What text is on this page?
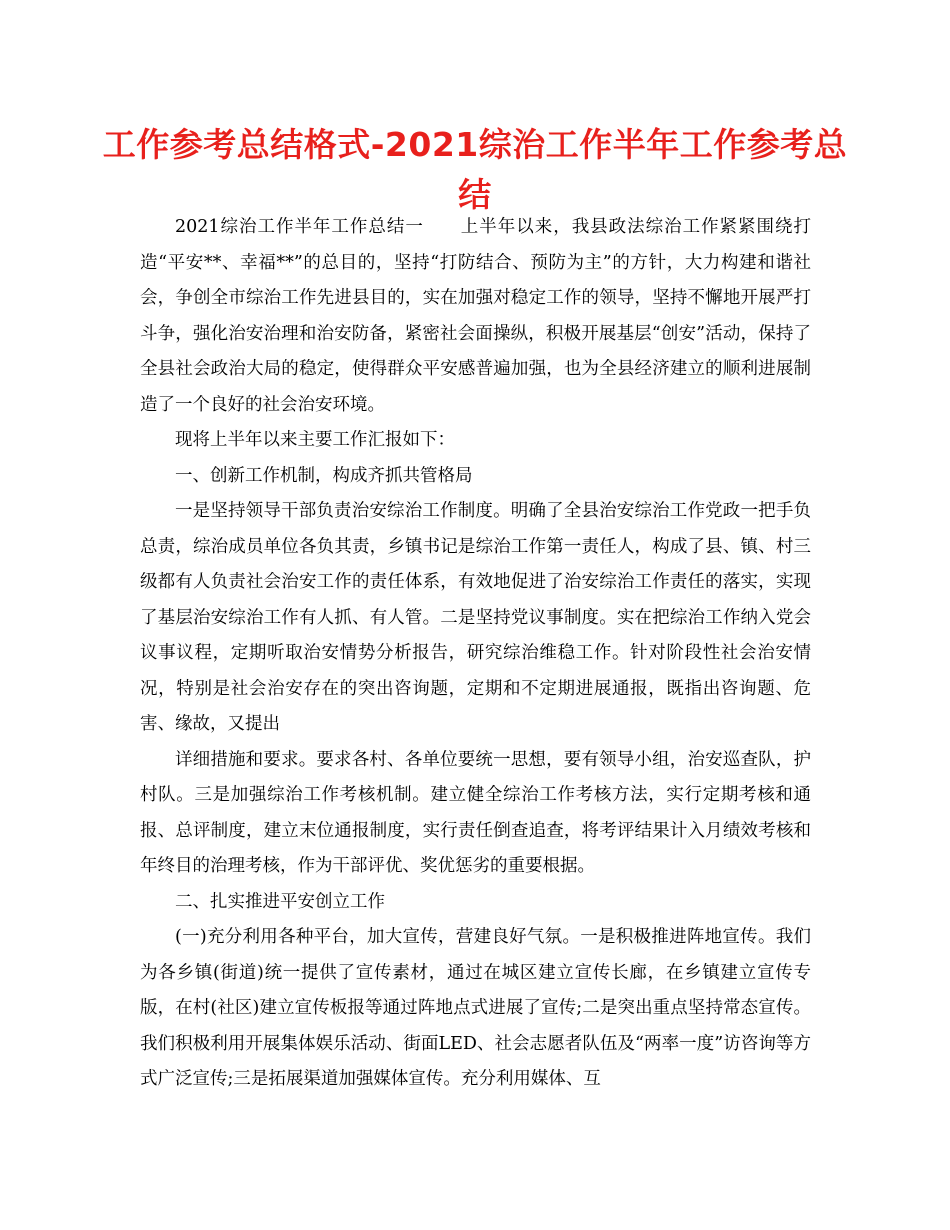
工作参考总结格式-2021综治工作半年工作参考总结

2021综治工作半年工作总结一　　上半年以来，我县政法综治工作紧紧围绕打造“平安**、幸福**”的总目的，坚持“打防结合、预防为主”的方针，大力构建和谐社会，争创全市综治工作先进县目的，实在加强对稳定工作的领导，坚持不懈地开展严打斗争，强化治安治理和治安防备，紧密社会面操纵，积极开展基层“创安”活动，保持了全县社会政治大局的稳定，使得群众平安感普遍加强，也为全县经济建立的顺利进展制造了一个良好的社会治安环境。

现将上半年以来主要工作汇报如下：

一、创新工作机制，构成齐抓共管格局

一是坚持领导干部负责治安综治工作制度。明确了全县治安综治工作党政一把手负总责，综治成员单位各负其责，乡镇书记是综治工作第一责任人，构成了县、镇、村三级都有人负责社会治安工作的责任体系，有效地促进了治安综治工作责任的落实，实现了基层治安综治工作有人抓、有人管。二是坚持党议事制度。实在把综治工作纳入党会议事议程，定期听取治安情势分析报告，研究综治维稳工作。针对阶段性社会治安情况，特别是社会治安存在的突出咨询题，定期和不定期进展通报，既指出咨询题、危害、缘故，又提出

详细措施和要求。要求各村、各单位要统一思想，要有领导小组，治安巡查队，护村队。三是加强综治工作考核机制。建立健全综治工作考核方法，实行定期考核和通报、总评制度，建立末位通报制度，实行责任倒查追查，将考评结果计入月绩效考核和年终目的治理考核，作为干部评优、奖优惩劣的重要根据。

二、扎实推进平安创立工作

(一)充分利用各种平台，加大宣传，营建良好气氛。一是积极推进阵地宣传。我们为各乡镇(街道)统一提供了宣传素材，通过在城区建立宣传长廊，在乡镇建立宣传专版，在村(社区)建立宣传板报等通过阵地点式进展了宣传;二是突出重点坚持常态宣传。我们积极利用开展集体娱乐活动、街面LED、社会志愿者队伍及“两率一度”访咨询等方式广泛宣传;三是拓展渠道加强媒体宣传。充分利用媒体、互
